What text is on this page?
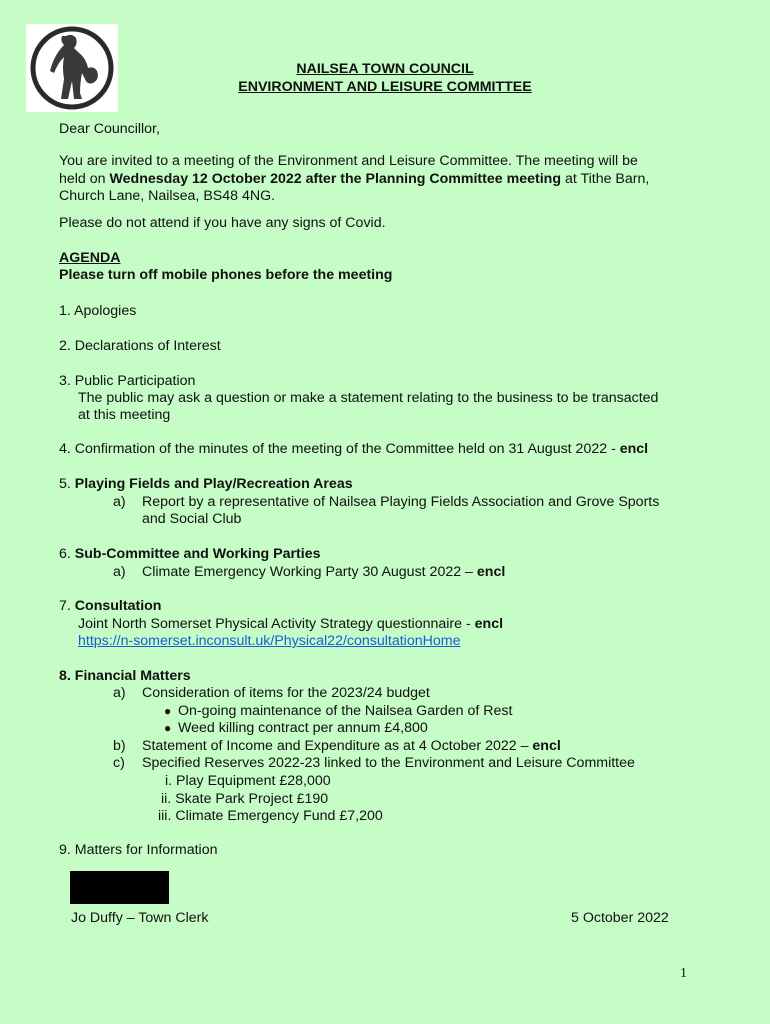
NAILSEA TOWN COUNCIL
ENVIRONMENT AND LEISURE COMMITTEE
Dear Councillor,
You are invited to a meeting of the Environment and Leisure Committee. The meeting will be
held on Wednesday 12 October 2022 after the Planning Committee meeting at Tithe Barn,
Church Lane, Nailsea, BS48 4NG.
Please do not attend if you have any signs of Covid.
AGENDA
Please turn off mobile phones before the meeting
1. Apologies
2. Declarations of Interest
3. Public Participation
The public may ask a question or make a statement relating to the business to be transacted
at this meeting
4. Confirmation of the minutes of the meeting of the Committee held on 31 August 2022 - encl
5. Playing Fields and Play/Recreation Areas
a) Report by a representative of Nailsea Playing Fields Association and Grove Sports
and Social Club
6. Sub-Committee and Working Parties
a) Climate Emergency Working Party 30 August 2022 – encl
7. Consultation
Joint North Somerset Physical Activity Strategy questionnaire - encl
https://n-somerset.inconsult.uk/Physical22/consultationHome
8. Financial Matters
a) Consideration of items for the 2023/24 budget
● On-going maintenance of the Nailsea Garden of Rest
● Weed killing contract per annum £4,800
b) Statement of Income and Expenditure as at 4 October 2022 – encl
c) Specified Reserves 2022-23 linked to the Environment and Leisure Committee
i. Play Equipment £28,000
ii. Skate Park Project £190
iii. Climate Emergency Fund £7,200
9. Matters for Information
Jo Duffy – Town Clerk	5 October 2022
1
